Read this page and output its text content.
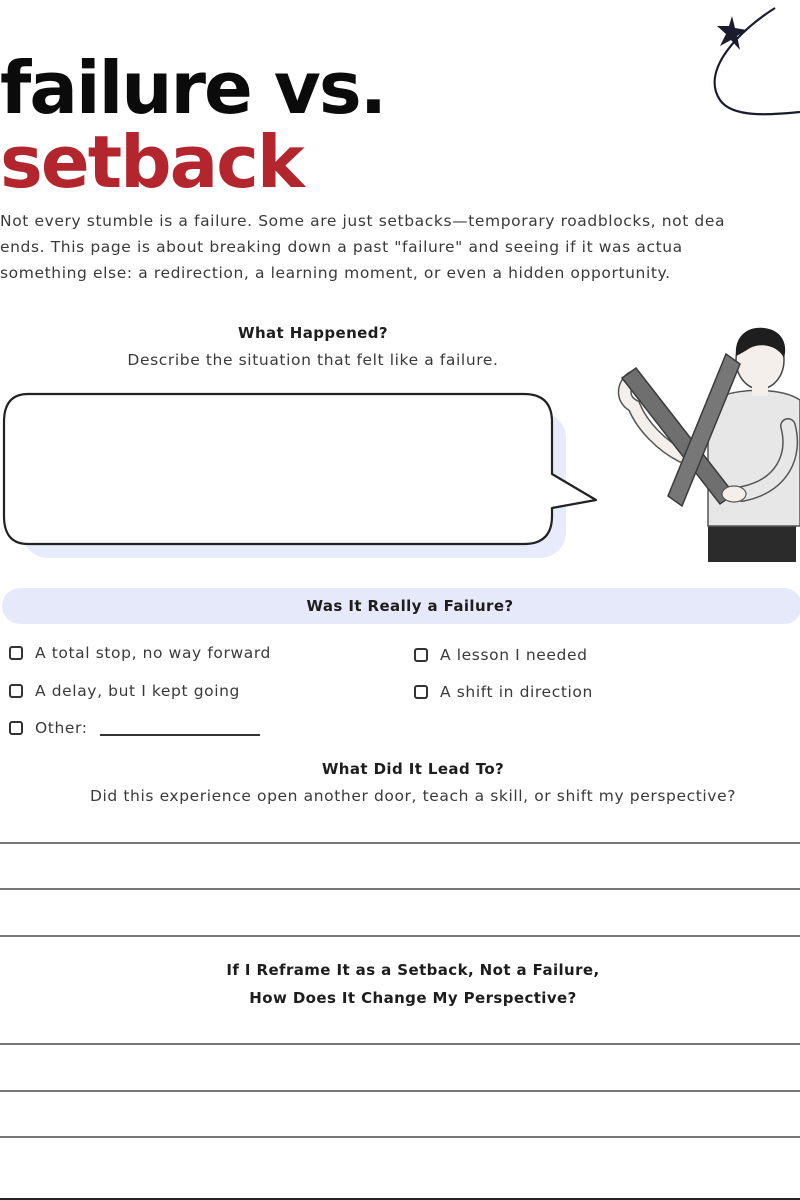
failure vs.
setback

Not every stumble is a failure. Some are just setbacks—temporary roadblocks, not dea

ends. This page is about breaking down a past "failure" and seeing if it was actua

something else: a redirection, a learning moment, or even a hidden opportunity.

What Happened?
Describe the situation that felt like a failure.
Was It Really a Failure?
A total stop, no way forward	A lesson I needed
A delay, but I kept going	A shift in direction
Other:
What Did It Lead To?
Did this experience open another door, teach a skill, or shift my perspective?
If I Reframe It as a Setback, Not a Failure,
How Does It Change My Perspective?
